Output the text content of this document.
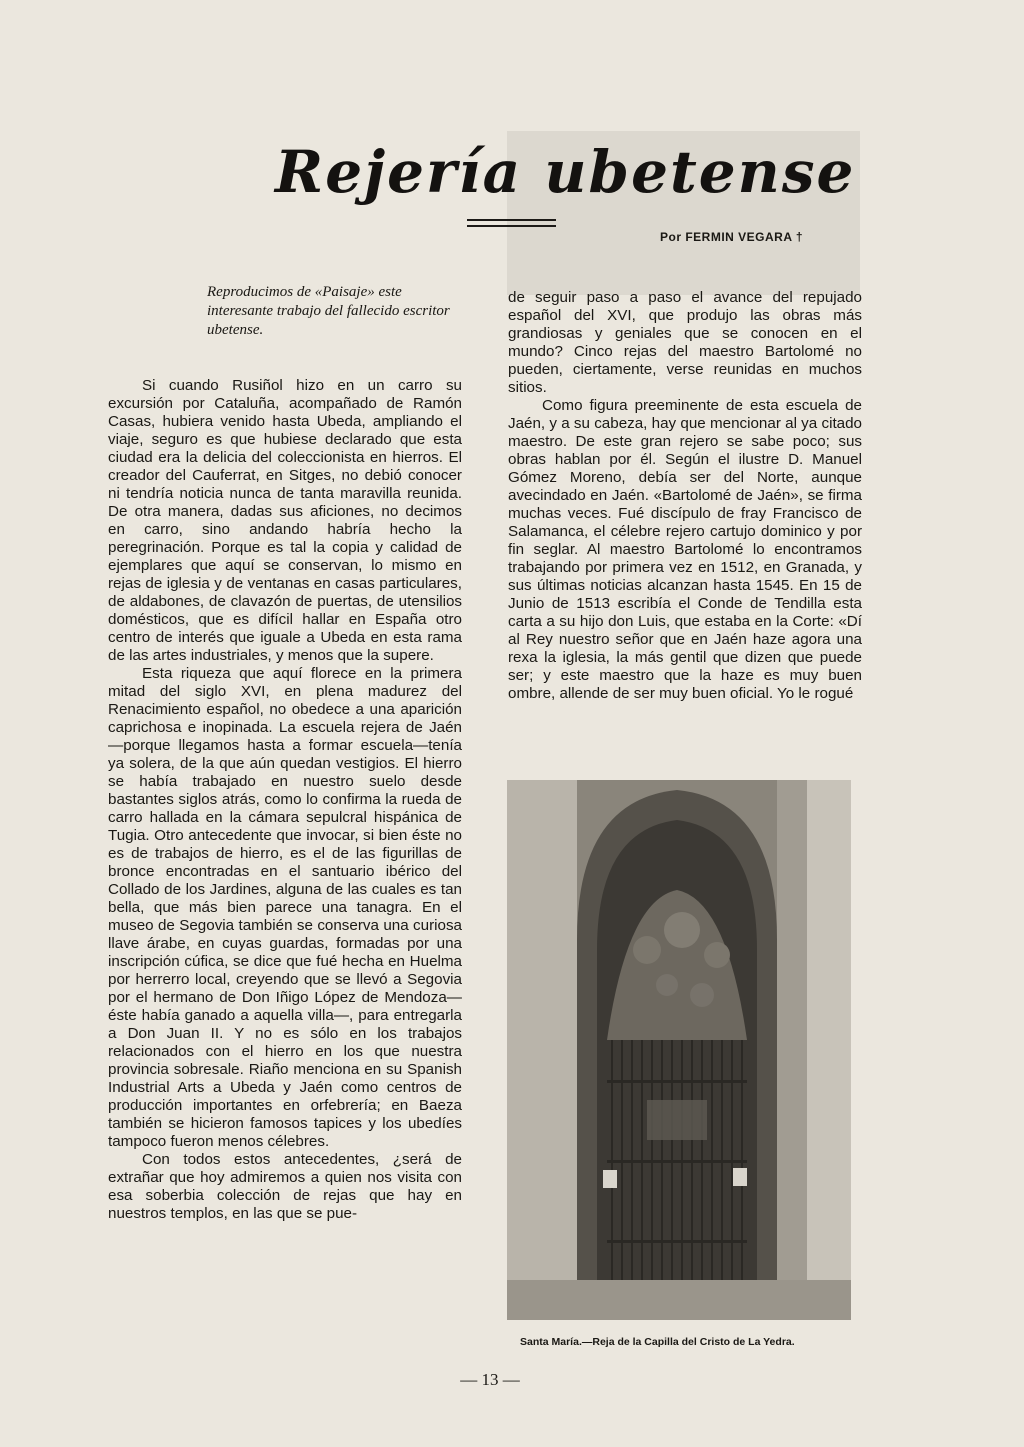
Rejería ubetense
Por FERMIN VEGARA †
Reproducimos de «Paisaje» este interesante trabajo del fallecido escritor ubetense.

Si cuando Rusiñol hizo en un carro su excursión por Cataluña, acompañado de Ramón Casas, hubiera venido hasta Ubeda, ampliando el viaje, seguro es que hubiese declarado que esta ciudad era la delicia del coleccionista en hierros. El creador del Cauferrat, en Sitges, no debió conocer ni tendría noticia nunca de tanta maravilla reunida. De otra manera, dadas sus aficiones, no decimos en carro, sino andando habría hecho la peregrinación. Porque es tal la copia y calidad de ejemplares que aquí se conservan, lo mismo en rejas de iglesia y de ventanas en casas particulares, de aldabones, de clavazón de puertas, de utensilios domésticos, que es difícil hallar en España otro centro de interés que iguale a Ubeda en esta rama de las artes industriales, y menos que la supere.

Esta riqueza que aquí florece en la primera mitad del siglo XVI, en plena madurez del Renacimiento español, no obedece a una aparición caprichosa e inopinada. La escuela rejera de Jaén—porque llegamos hasta a formar escuela—tenía ya solera, de la que aún quedan vestigios. El hierro se había trabajado en nuestro suelo desde bastantes siglos atrás, como lo confirma la rueda de carro hallada en la cámara sepulcral hispánica de Tugia. Otro antecedente que invocar, si bien éste no es de trabajos de hierro, es el de las figurillas de bronce encontradas en el santuario ibérico del Collado de los Jardines, alguna de las cuales es tan bella, que más bien parece una tanagra. En el museo de Segovia también se conserva una curiosa llave árabe, en cuyas guardas, formadas por una inscripción cúfica, se dice que fué hecha en Huelma por herrerro local, creyendo que se llevó a Segovia por el hermano de Don Iñigo López de Mendoza—éste había ganado a aquella villa—, para entregarla a Don Juan II. Y no es sólo en los trabajos relacionados con el hierro en los que nuestra provincia sobresale. Riaño menciona en su Spanish Industrial Arts a Ubeda y Jaén como centros de producción importantes en orfebrería; en Baeza también se hicieron famosos tapices y los ubedíes tampoco fueron menos célebres.

Con todos estos antecedentes, ¿será de extrañar que hoy admiremos a quien nos visita con esa soberbia colección de rejas que hay en nuestros templos, en las que se pue-

de seguir paso a paso el avance del repujado español del XVI, que produjo las obras más grandiosas y geniales que se conocen en el mundo? Cinco rejas del maestro Bartolomé no pueden, ciertamente, verse reunidas en muchos sitios.

Como figura preeminente de esta escuela de Jaén, y a su cabeza, hay que mencionar al ya citado maestro. De este gran rejero se sabe poco; sus obras hablan por él. Según el ilustre D. Manuel Gómez Moreno, debía ser del Norte, aunque avecindado en Jaén. «Bartolomé de Jaén», se firma muchas veces. Fué discípulo de fray Francisco de Salamanca, el célebre rejero cartujo dominico y por fin seglar. Al maestro Bartolomé lo encontramos trabajando por primera vez en 1512, en Granada, y sus últimas noticias alcanzan hasta 1545. En 15 de Junio de 1513 escribía el Conde de Tendilla esta carta a su hijo don Luis, que estaba en la Corte: «Dí al Rey nuestro señor que en Jaén haze agora una rexa la iglesia, la más gentil que dizen que puede ser; y este maestro que la haze es muy buen ombre, allende de ser muy buen oficial. Yo le rogué

Santa María.—Reja de la Capilla del Cristo de La Yedra.
— 13 —
